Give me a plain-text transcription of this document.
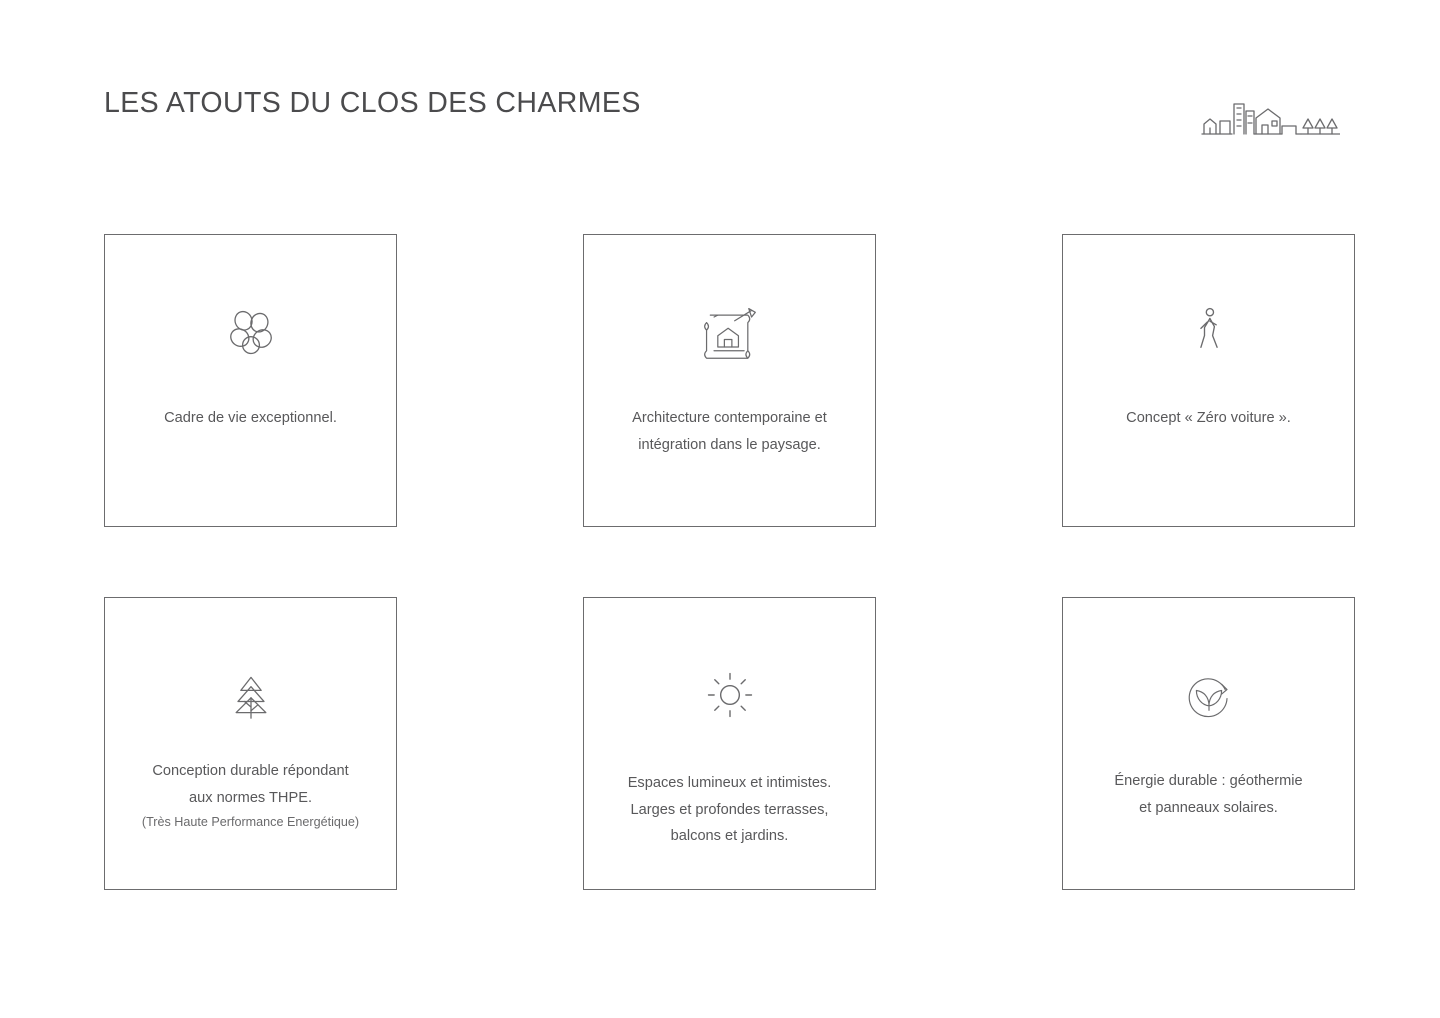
LES ATOUTS DU CLOS DES CHARMES
Cadre de vie exceptionnel.	Architecture contemporaine et
intégration dans le paysage.
Concept « Zéro voiture ».
Conception durable répondant
aux normes THPE.
(Très Haute Performance Energétique)
Espaces lumineux et intimistes.
Larges et profondes terrasses,
balcons et jardins.
Énergie durable : géothermie
et panneaux solaires.
